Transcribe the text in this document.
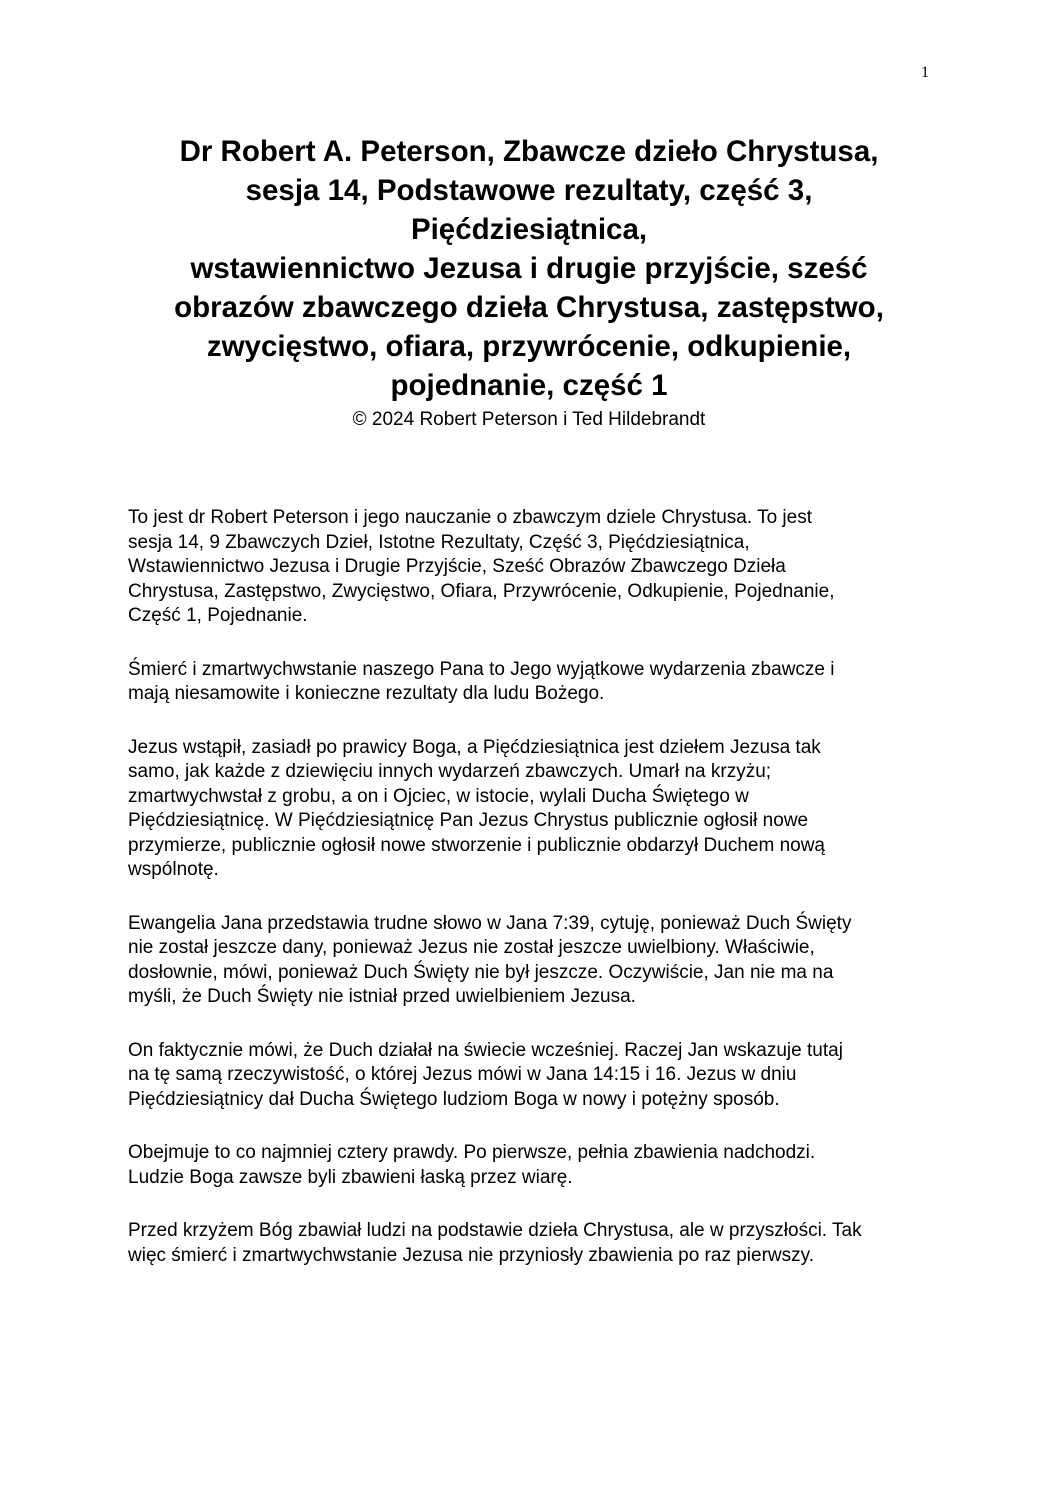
1
Dr Robert A. Peterson, Zbawcze dzieło Chrystusa,
sesja 14, Podstawowe rezultaty, część 3,
Pięćdziesiątnica,
wstawiennictwo Jezusa i drugie przyjście, sześć
obrazów zbawczego dzieła Chrystusa, zastępstwo,
zwycięstwo, ofiara, przywrócenie, odkupienie,
pojednanie, część 1
© 2024 Robert Peterson i Ted Hildebrandt

To jest dr Robert Peterson i jego nauczanie o zbawczym dziele Chrystusa. To jest
sesja 14, 9 Zbawczych Dzieł, Istotne Rezultaty, Część 3, Pięćdziesiątnica,
Wstawiennictwo Jezusa i Drugie Przyjście, Sześć Obrazów Zbawczego Dzieła
Chrystusa, Zastępstwo, Zwycięstwo, Ofiara, Przywrócenie, Odkupienie, Pojednanie,
Część 1, Pojednanie.

Śmierć i zmartwychwstanie naszego Pana to Jego wyjątkowe wydarzenia zbawcze i
mają niesamowite i konieczne rezultaty dla ludu Bożego.

Jezus wstąpił, zasiadł po prawicy Boga, a Pięćdziesiątnica jest dziełem Jezusa tak
samo, jak każde z dziewięciu innych wydarzeń zbawczych. Umarł na krzyżu;
zmartwychwstał z grobu, a on i Ojciec, w istocie, wylali Ducha Świętego w
Pięćdziesiątnicę. W Pięćdziesiątnicę Pan Jezus Chrystus publicznie ogłosił nowe
przymierze, publicznie ogłosił nowe stworzenie i publicznie obdarzył Duchem nową
wspólnotę.

Ewangelia Jana przedstawia trudne słowo w Jana 7:39, cytuję, ponieważ Duch Święty
nie został jeszcze dany, ponieważ Jezus nie został jeszcze uwielbiony. Właściwie,
dosłownie, mówi, ponieważ Duch Święty nie był jeszcze. Oczywiście, Jan nie ma na
myśli, że Duch Święty nie istniał przed uwielbieniem Jezusa.

On faktycznie mówi, że Duch działał na świecie wcześniej. Raczej Jan wskazuje tutaj
na tę samą rzeczywistość, o której Jezus mówi w Jana 14:15 i 16. Jezus w dniu
Pięćdziesiątnicy dał Ducha Świętego ludziom Boga w nowy i potężny sposób.

Obejmuje to co najmniej cztery prawdy. Po pierwsze, pełnia zbawienia nadchodzi.
Ludzie Boga zawsze byli zbawieni łaską przez wiarę.

Przed krzyżem Bóg zbawiał ludzi na podstawie dzieła Chrystusa, ale w przyszłości. Tak
więc śmierć i zmartwychwstanie Jezusa nie przyniosły zbawienia po raz pierwszy.
